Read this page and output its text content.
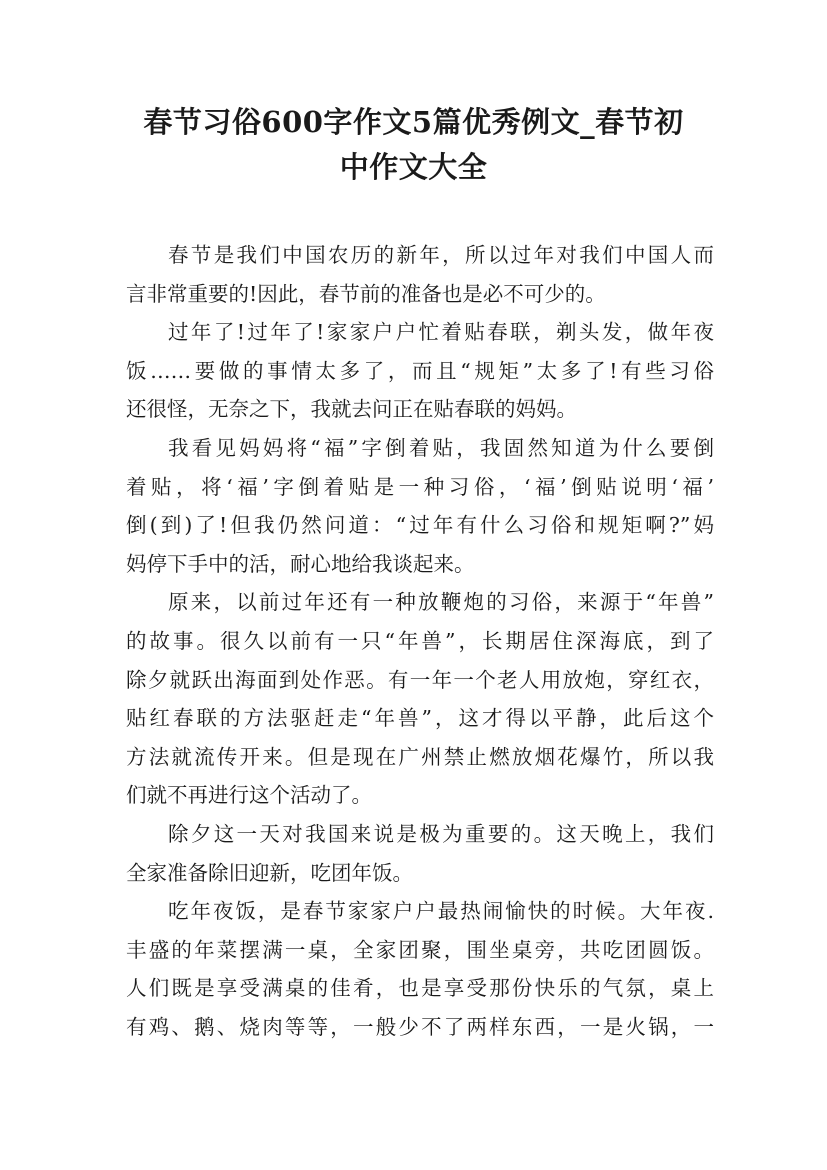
春节习俗600字作文5篇优秀例文_春节初
中作文大全
春节是我们中国农历的新年，所以过年对我们中国人而
言非常重要的!因此，春节前的准备也是必不可少的。
过年了!过年了!家家户户忙着贴春联，剃头发，做年夜
饭……要做的事情太多了，而且“规矩”太多了!有些习俗
还很怪，无奈之下，我就去问正在贴春联的妈妈。
我看见妈妈将“福”字倒着贴，我固然知道为什么要倒
着贴，将‘福’字倒着贴是一种习俗，‘福’倒贴说明‘福’
倒(到)了!但我仍然问道：“过年有什么习俗和规矩啊?”妈
妈停下手中的活，耐心地给我谈起来。
原来，以前过年还有一种放鞭炮的习俗，来源于“年兽”
的故事。很久以前有一只“年兽”，长期居住深海底，到了
除夕就跃出海面到处作恶。有一年一个老人用放炮，穿红衣，
贴红春联的方法驱赶走“年兽”，这才得以平静，此后这个
方法就流传开来。但是现在广州禁止燃放烟花爆竹，所以我
们就不再进行这个活动了。
除夕这一天对我国来说是极为重要的。这天晚上，我们
全家准备除旧迎新，吃团年饭。
吃年夜饭，是春节家家户户最热闹愉快的时候。大年夜.
丰盛的年菜摆满一桌，全家团聚，围坐桌旁，共吃团圆饭。
人们既是享受满桌的佳肴，也是享受那份快乐的气氛，桌上
有鸡、鹅、烧肉等等，一般少不了两样东西，一是火锅，一
